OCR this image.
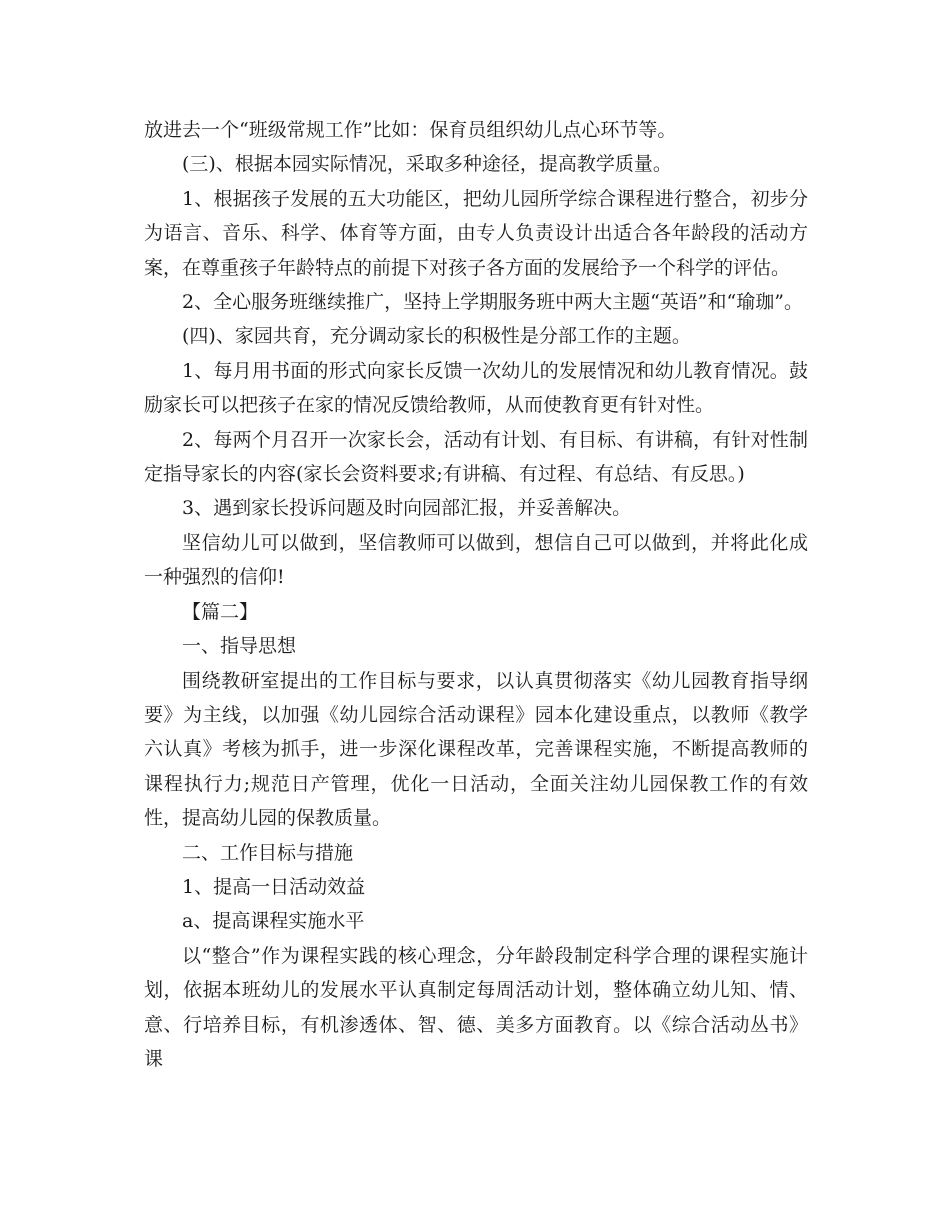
放进去一个“班级常规工作”比如：保育员组织幼儿点心环节等。

(三)、根据本园实际情况，采取多种途径，提高教学质量。

1、根据孩子发展的五大功能区，把幼儿园所学综合课程进行整合，初步分为语言、音乐、科学、体育等方面，由专人负责设计出适合各年龄段的活动方案，在尊重孩子年龄特点的前提下对孩子各方面的发展给予一个科学的评估。

2、全心服务班继续推广，坚持上学期服务班中两大主题“英语”和“瑜珈”。

(四)、家园共育，充分调动家长的积极性是分部工作的主题。

1、每月用书面的形式向家长反馈一次幼儿的发展情况和幼儿教育情况。鼓励家长可以把孩子在家的情况反馈给教师，从而使教育更有针对性。

2、每两个月召开一次家长会，活动有计划、有目标、有讲稿，有针对性制定指导家长的内容(家长会资料要求;有讲稿、有过程、有总结、有反思。)

3、遇到家长投诉问题及时向园部汇报，并妥善解决。

坚信幼儿可以做到，坚信教师可以做到，想信自己可以做到，并将此化成一种强烈的信仰!

【篇二】

一、指导思想

围绕教研室提出的工作目标与要求，以认真贯彻落实《幼儿园教育指导纲要》为主线，以加强《幼儿园综合活动课程》园本化建设重点，以教师《教学六认真》考核为抓手，进一步深化课程改革，完善课程实施，不断提高教师的课程执行力;规范日产管理，优化一日活动，全面关注幼儿园保教工作的有效性，提高幼儿园的保教质量。

二、工作目标与措施

1、提高一日活动效益

a、提高课程实施水平

以“整合”作为课程实践的核心理念，分年龄段制定科学合理的课程实施计划，依据本班幼儿的发展水平认真制定每周活动计划，整体确立幼儿知、情、意、行培养目标，有机渗透体、智、德、美多方面教育。以《综合活动丛书》课
